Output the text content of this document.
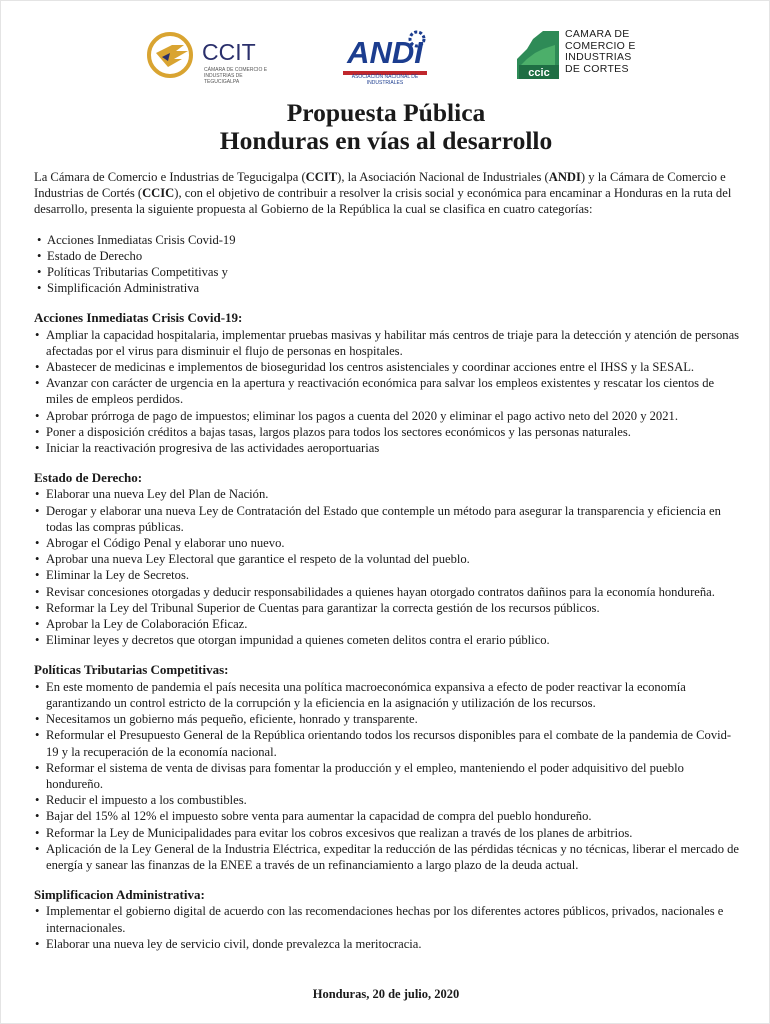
CCIT
CÁMARA DE COMERCIO E INDUSTRIAS DE TEGUCIGALPA
ANDI
ASOCIACIÓN NACIONAL DE INDUSTRIALES
ccic
CAMARA DE COMERCIO E INDUSTRIAS DE CORTES
Propuesta Pública
Honduras en vías al desarrollo

La Cámara de Comercio e Industrias de Tegucigalpa (CCIT), la Asociación Nacional de Industriales (ANDI) y la Cámara de Comercio e Industrias de Cortés (CCIC), con el objetivo de contribuir a resolver la crisis social y económica para encaminar a Honduras en la ruta del desarrollo, presenta la siguiente propuesta al Gobierno de la República la cual se clasifica en cuatro categorías:

• Acciones Inmediatas Crisis Covid-19
• Estado de Derecho
• Políticas Tributarias Competitivas y
• Simplificación Administrativa

Acciones Inmediatas Crisis Covid-19:

• Ampliar la capacidad hospitalaria, implementar pruebas masivas y habilitar más centros de triaje para la detección y atención de personas afectadas por el virus para disminuir el flujo de personas en hospitales.
• Abastecer de medicinas e implementos de bioseguridad los centros asistenciales y coordinar acciones entre el IHSS y la SESAL.
• Avanzar con carácter de urgencia en la apertura y reactivación económica para salvar los empleos existentes y rescatar los cientos de miles de empleos perdidos.
• Aprobar prórroga de pago de impuestos; eliminar los pagos a cuenta del 2020 y eliminar el pago activo neto del 2020 y 2021.
• Poner a disposición créditos a bajas tasas, largos plazos para todos los sectores económicos y las personas naturales.
• Iniciar la reactivación progresiva de las actividades aeroportuarias

Estado de Derecho:

• Elaborar una nueva Ley del Plan de Nación.
• Derogar y elaborar una nueva Ley de Contratación del Estado que contemple un método para asegurar la transparencia y eficiencia en todas las compras públicas.
• Abrogar el Código Penal y elaborar uno nuevo.
• Aprobar una nueva Ley Electoral que garantice el respeto de la voluntad del pueblo.
• Eliminar la Ley de Secretos.
• Revisar concesiones otorgadas y deducir responsabilidades a quienes hayan otorgado contratos dañinos para la economía hondureña.
• Reformar la Ley del Tribunal Superior de Cuentas para garantizar la correcta gestión de los recursos públicos.
• Aprobar la Ley de Colaboración Eficaz.
• Eliminar leyes y decretos que otorgan impunidad a quienes cometen delitos contra el erario público.

Políticas Tributarias Competitivas:

• En este momento de pandemia el país necesita una política macroeconómica expansiva a efecto de poder reactivar la economía garantizando un control estricto de la corrupción y la eficiencia en la asignación y utilización de los recursos.
• Necesitamos un gobierno más pequeño, eficiente, honrado y transparente.
• Reformular el Presupuesto General de la República orientando todos los recursos disponibles para el combate de la pandemia de Covid-19 y la recuperación de la economía nacional.
• Reformar el sistema de venta de divisas para fomentar la producción y el empleo, manteniendo el poder adquisitivo del pueblo hondureño.
• Reducir el impuesto a los combustibles.
• Bajar del 15% al 12% el impuesto sobre venta para aumentar la capacidad de compra del pueblo hondureño.
• Reformar la Ley de Municipalidades para evitar los cobros excesivos que realizan a través de los planes de arbitrios.
• Aplicación de la Ley General de la Industria Eléctrica, expeditar la reducción de las pérdidas técnicas y no técnicas, liberar el mercado de energía y sanear las finanzas de la ENEE a través de un refinanciamiento a largo plazo de la deuda actual.

Simplificacion Administrativa:

• Implementar el gobierno digital de acuerdo con las recomendaciones hechas por los diferentes actores públicos, privados, nacionales e internacionales.
• Elaborar una nueva ley de servicio civil, donde prevalezca la meritocracia.
Honduras, 20 de julio, 2020
